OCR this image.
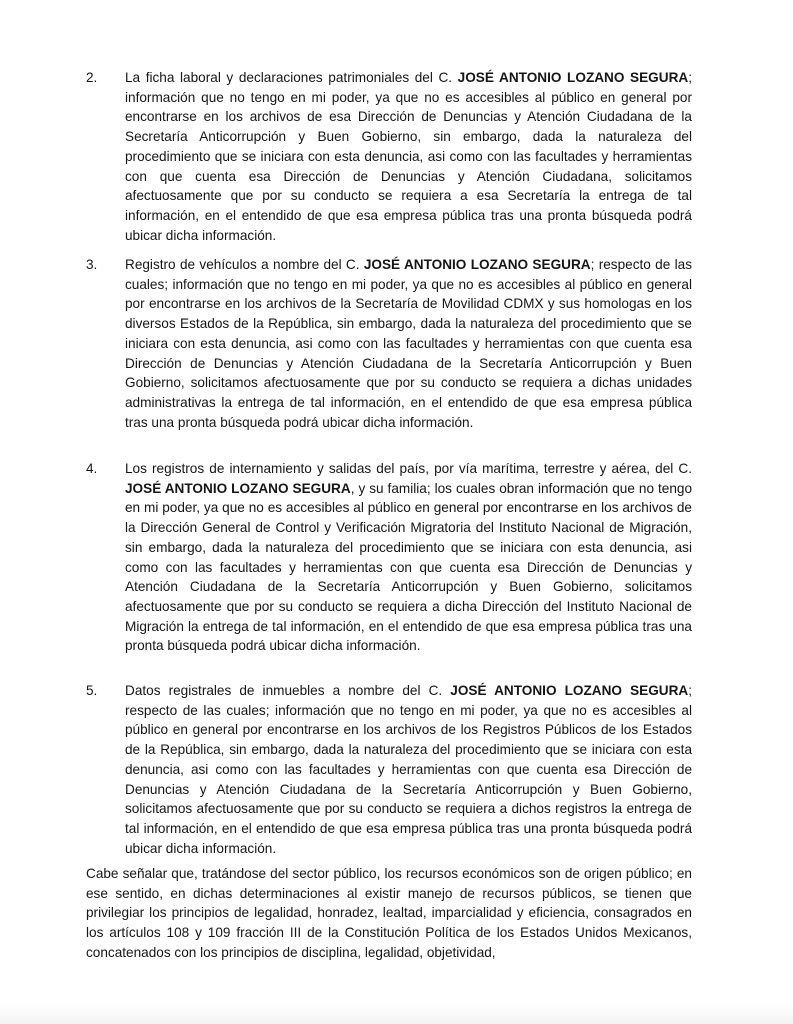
2. La ficha laboral y declaraciones patrimoniales del C. JOSÉ ANTONIO LOZANO SEGURA; información que no tengo en mi poder, ya que no es accesibles al público en general por encontrarse en los archivos de esa Dirección de Denuncias y Atención Ciudadana de la Secretaría Anticorrupción y Buen Gobierno, sin embargo, dada la naturaleza del procedimiento que se iniciara con esta denuncia, asi como con las facultades y herramientas con que cuenta esa Dirección de Denuncias y Atención Ciudadana, solicitamos afectuosamente que por su conducto se requiera a esa Secretaría la entrega de tal información, en el entendido de que esa empresa pública tras una pronta búsqueda podrá ubicar dicha información.
3. Registro de vehículos a nombre del C. JOSÉ ANTONIO LOZANO SEGURA; respecto de las cuales; información que no tengo en mi poder, ya que no es accesibles al público en general por encontrarse en los archivos de la Secretaría de Movilidad CDMX y sus homologas en los diversos Estados de la República, sin embargo, dada la naturaleza del procedimiento que se iniciara con esta denuncia, asi como con las facultades y herramientas con que cuenta esa Dirección de Denuncias y Atención Ciudadana de la Secretaría Anticorrupción y Buen Gobierno, solicitamos afectuosamente que por su conducto se requiera a dichas unidades administrativas la entrega de tal información, en el entendido de que esa empresa pública tras una pronta búsqueda podrá ubicar dicha información.
4. Los registros de internamiento y salidas del país, por vía marítima, terrestre y aérea, del C. JOSÉ ANTONIO LOZANO SEGURA, y su familia; los cuales obran información que no tengo en mi poder, ya que no es accesibles al público en general por encontrarse en los archivos de la Dirección General de Control y Verificación Migratoria del Instituto Nacional de Migración, sin embargo, dada la naturaleza del procedimiento que se iniciara con esta denuncia, asi como con las facultades y herramientas con que cuenta esa Dirección de Denuncias y Atención Ciudadana de la Secretaría Anticorrupción y Buen Gobierno, solicitamos afectuosamente que por su conducto se requiera a dicha Dirección del Instituto Nacional de Migración la entrega de tal información, en el entendido de que esa empresa pública tras una pronta búsqueda podrá ubicar dicha información.
5. Datos registrales de inmuebles a nombre del C. JOSÉ ANTONIO LOZANO SEGURA; respecto de las cuales; información que no tengo en mi poder, ya que no es accesibles al público en general por encontrarse en los archivos de los Registros Públicos de los Estados de la República, sin embargo, dada la naturaleza del procedimiento que se iniciara con esta denuncia, asi como con las facultades y herramientas con que cuenta esa Dirección de Denuncias y Atención Ciudadana de la Secretaría Anticorrupción y Buen Gobierno, solicitamos afectuosamente que por su conducto se requiera a dichos registros la entrega de tal información, en el entendido de que esa empresa pública tras una pronta búsqueda podrá ubicar dicha información.
Cabe señalar que, tratándose del sector público, los recursos económicos son de origen público; en ese sentido, en dichas determinaciones al existir manejo de recursos públicos, se tienen que privilegiar los principios de legalidad, honradez, lealtad, imparcialidad y eficiencia, consagrados en los artículos 108 y 109 fracción III de la Constitución Política de los Estados Unidos Mexicanos, concatenados con los principios de disciplina, legalidad, objetividad,
